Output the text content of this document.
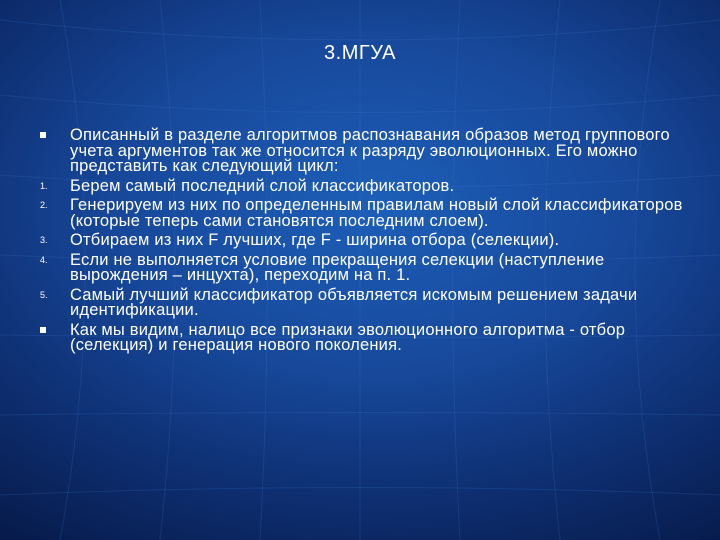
3.МГУА
Описанный в разделе алгоритмов распознавания образов метод группового учета аргументов так же относится к разряду эволюционных. Его можно представить как следующий цикл:
1. Берем самый последний слой классификаторов.
2. Генерируем из них по определенным правилам новый слой классификаторов (которые теперь сами становятся последним слоем).
3. Отбираем из них F лучших, где F - ширина отбора (селекции).
4. Если не выполняется условие прекращения селекции (наступление вырождения – инцухта), переходим на п. 1.
5. Самый лучший классификатор объявляется искомым решением задачи идентификации.
Как мы видим, налицо все признаки эволюционного алгоритма - отбор (селекция) и генерация нового поколения.
